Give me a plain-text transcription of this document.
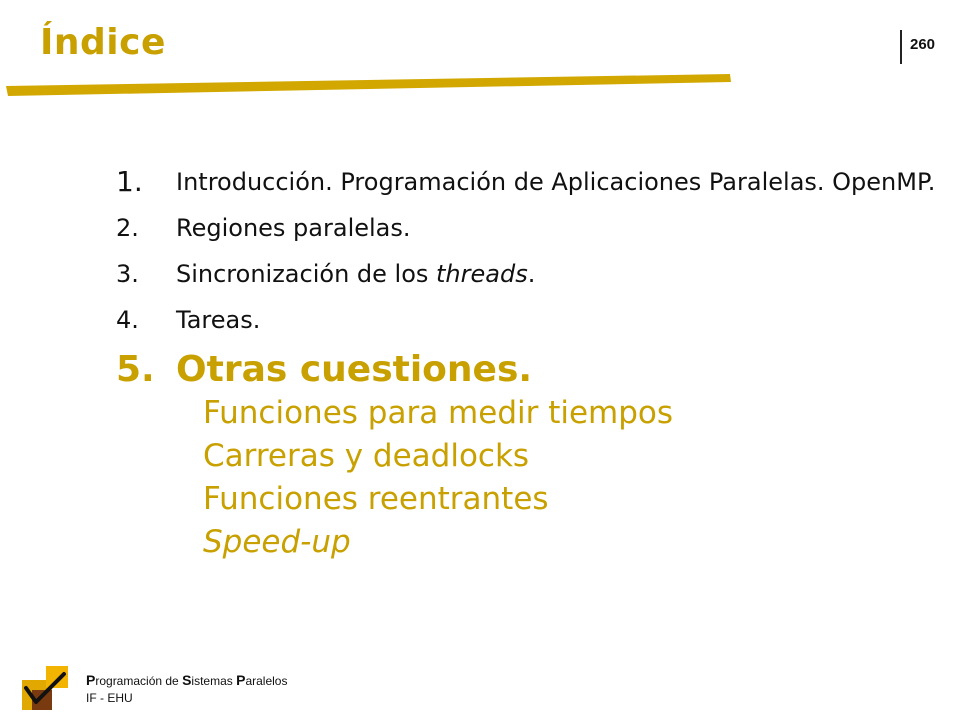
Índice	260
1.	Introducción. Programación de Aplicaciones Paralelas. OpenMP.
2.	Regiones paralelas.
3.	Sincronización de los threads.
4.	Tareas.
5. Otras cuestiones.
Funciones para medir tiempos
Carreras y deadlocks
Funciones reentrantes
Speed-up
Programación de Sistemas Paralelos
IF - EHU
